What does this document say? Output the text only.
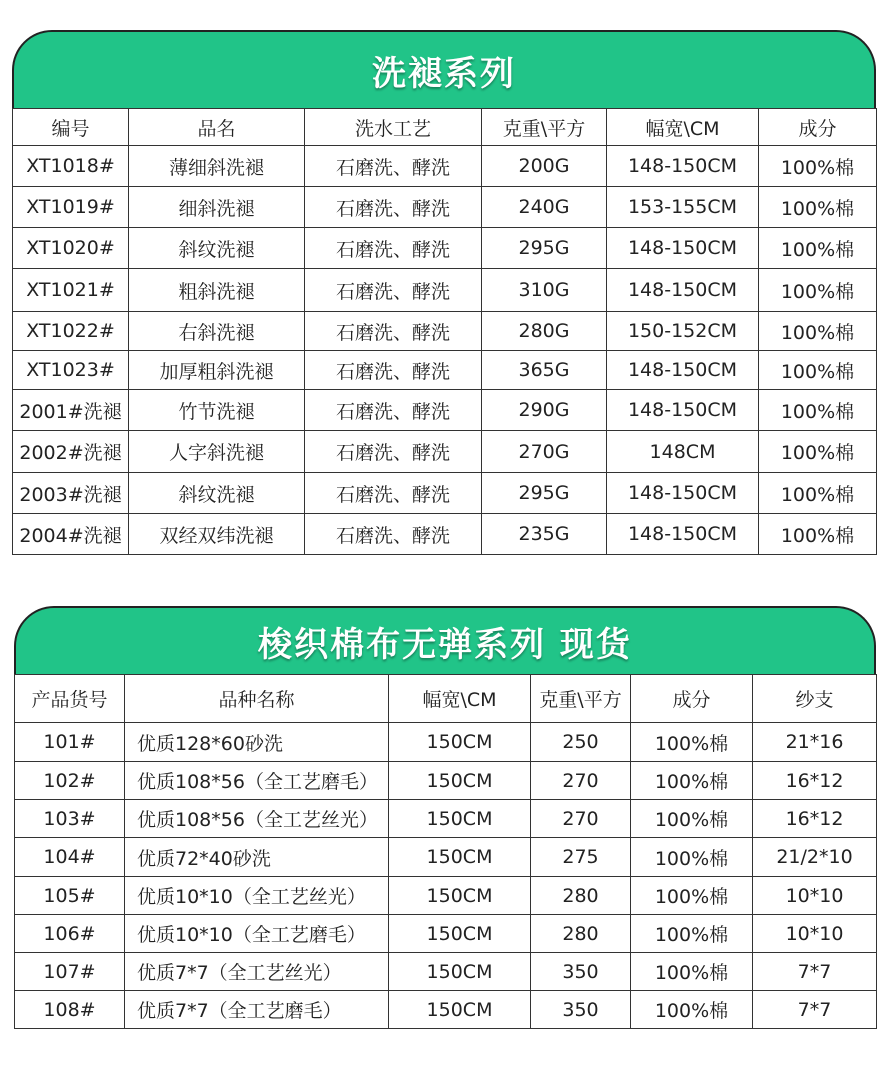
洗褪系列
编号	品名	洗水工艺	克重\平方	幅宽\CM	成分
XT1018#	薄细斜洗褪	石磨洗、酵洗	200G	148-150CM	100%棉
XT1019#	细斜洗褪	石磨洗、酵洗	240G	153-155CM	100%棉
XT1020#	斜纹洗褪	石磨洗、酵洗	295G	148-150CM	100%棉
XT1021#	粗斜洗褪	石磨洗、酵洗	310G	148-150CM	100%棉
XT1022#	右斜洗褪	石磨洗、酵洗	280G	150-152CM	100%棉
XT1023#	加厚粗斜洗褪	石磨洗、酵洗	365G	148-150CM	100%棉
2001#洗褪	竹节洗褪	石磨洗、酵洗	290G	148-150CM	100%棉
2002#洗褪	人字斜洗褪	石磨洗、酵洗	270G	148CM	100%棉
2003#洗褪	斜纹洗褪	石磨洗、酵洗	295G	148-150CM	100%棉
2004#洗褪	双经双纬洗褪	石磨洗、酵洗	235G	148-150CM	100%棉
梭织棉布无弹系列 现货
产品货号	品种名称	幅宽\CM	克重\平方	成分	纱支
101#	优质128*60砂洗	150CM	250	100%棉	21*16
102#	优质108*56（全工艺磨毛）	150CM	270	100%棉	16*12
103#	优质108*56（全工艺丝光）	150CM	270	100%棉	16*12
104#	优质72*40砂洗	150CM	275	100%棉	21/2*10
105#	优质10*10（全工艺丝光）	150CM	280	100%棉	10*10
106#	优质10*10（全工艺磨毛）	150CM	280	100%棉	10*10
107#	优质7*7（全工艺丝光）	150CM	350	100%棉	7*7
108#	优质7*7（全工艺磨毛）	150CM	350	100%棉	7*7
